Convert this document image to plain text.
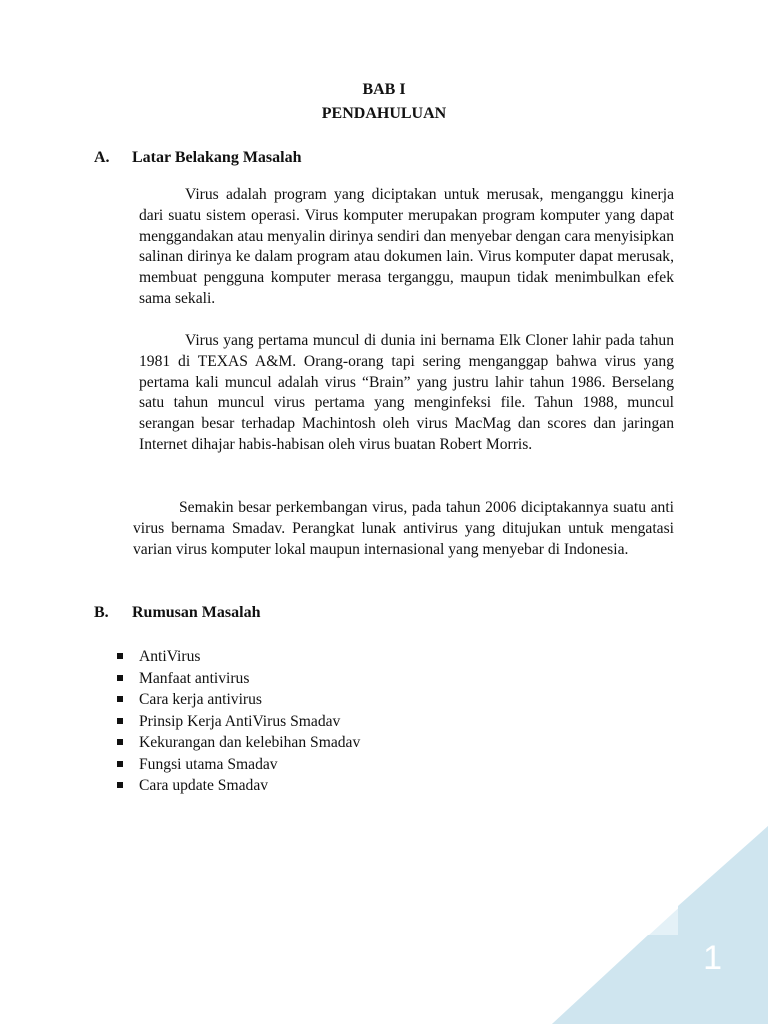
BAB I
PENDAHULUAN
A. Latar Belakang Masalah

Virus adalah program yang diciptakan untuk merusak, menganggu kinerja dari suatu sistem operasi. Virus komputer merupakan program komputer yang dapat menggandakan atau menyalin dirinya sendiri dan menyebar dengan cara menyisipkan salinan dirinya ke dalam program atau dokumen lain. Virus komputer dapat merusak, membuat pengguna komputer merasa terganggu, maupun tidak menimbulkan efek sama sekali.

Virus yang pertama muncul di dunia ini bernama Elk Cloner lahir pada tahun 1981 di TEXAS A&M. Orang-orang tapi sering menganggap bahwa virus yang pertama kali muncul adalah virus “Brain” yang justru lahir tahun 1986. Berselang satu tahun muncul virus pertama yang menginfeksi file. Tahun 1988, muncul serangan besar terhadap Machintosh oleh virus MacMag dan scores dan jaringan Internet dihajar habis-habisan oleh virus buatan Robert Morris.

Semakin besar perkembangan virus, pada tahun 2006 diciptakannya suatu anti virus bernama Smadav. Perangkat lunak antivirus yang ditujukan untuk mengatasi varian virus komputer lokal maupun internasional yang menyebar di Indonesia.

B. Rumusan Masalah
AntiVirus
Manfaat antivirus
Cara kerja antivirus
Prinsip Kerja AntiVirus Smadav
Kekurangan dan kelebihan Smadav
Fungsi utama Smadav
Cara update Smadav
1
